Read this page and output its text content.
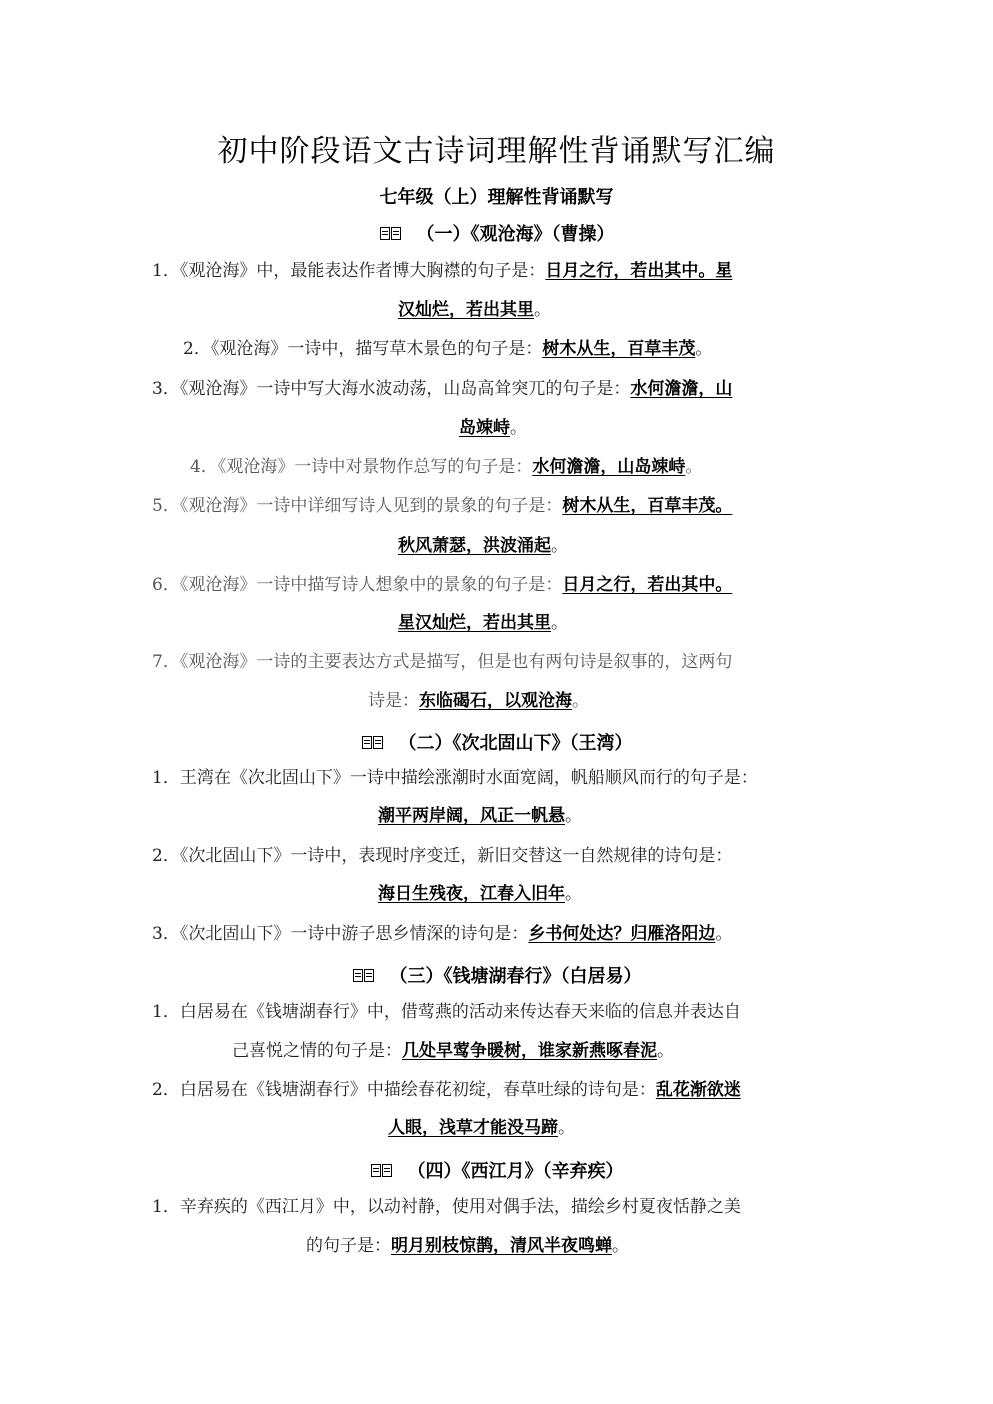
初中阶段语文古诗词理解性背诵默写汇编
七年级（上）理解性背诵默写
（一）《观沧海》（曹操）
1．《观沧海》中，最能表达作者博大胸襟的句子是：日月之行，若出其中。星
汉灿烂，若出其里。
2．《观沧海》一诗中，描写草木景色的句子是：树木从生，百草丰茂。
3．《观沧海》一诗中写大海水波动荡，山岛高耸突兀的句子是：水何澹澹，山
岛竦峙。
4．《观沧海》一诗中对景物作总写的句子是：水何澹澹，山岛竦峙。
5．《观沧海》一诗中详细写诗人见到的景象的句子是：树木从生，百草丰茂。
秋风萧瑟，洪波涌起。
6．《观沧海》一诗中描写诗人想象中的景象的句子是：日月之行，若出其中。
星汉灿烂，若出其里。
7．《观沧海》一诗的主要表达方式是描写，但是也有两句诗是叙事的，这两句
诗是：东临碣石，以观沧海。
（二）《次北固山下》（王湾）
1．王湾在《次北固山下》一诗中描绘涨潮时水面宽阔，帆船顺风而行的句子是：
潮平两岸阔，风正一帆悬。
2．《次北固山下》一诗中，表现时序变迁，新旧交替这一自然规律的诗句是：
海日生残夜，江春入旧年。
3．《次北固山下》一诗中游子思乡情深的诗句是：乡书何处达？归雁洛阳边。
（三）《钱塘湖春行》（白居易）
1．白居易在《钱塘湖春行》中，借莺燕的活动来传达春天来临的信息并表达自
己喜悦之情的句子是：几处早莺争暖树，谁家新燕啄春泥。
2．白居易在《钱塘湖春行》中描绘春花初绽，春草吐绿的诗句是：乱花渐欲迷
人眼，浅草才能没马蹄。
（四）《西江月》（辛弃疾）
1．辛弃疾的《西江月》中，以动衬静，使用对偶手法，描绘乡村夏夜恬静之美
的句子是：明月别枝惊鹊，清风半夜鸣蝉。
